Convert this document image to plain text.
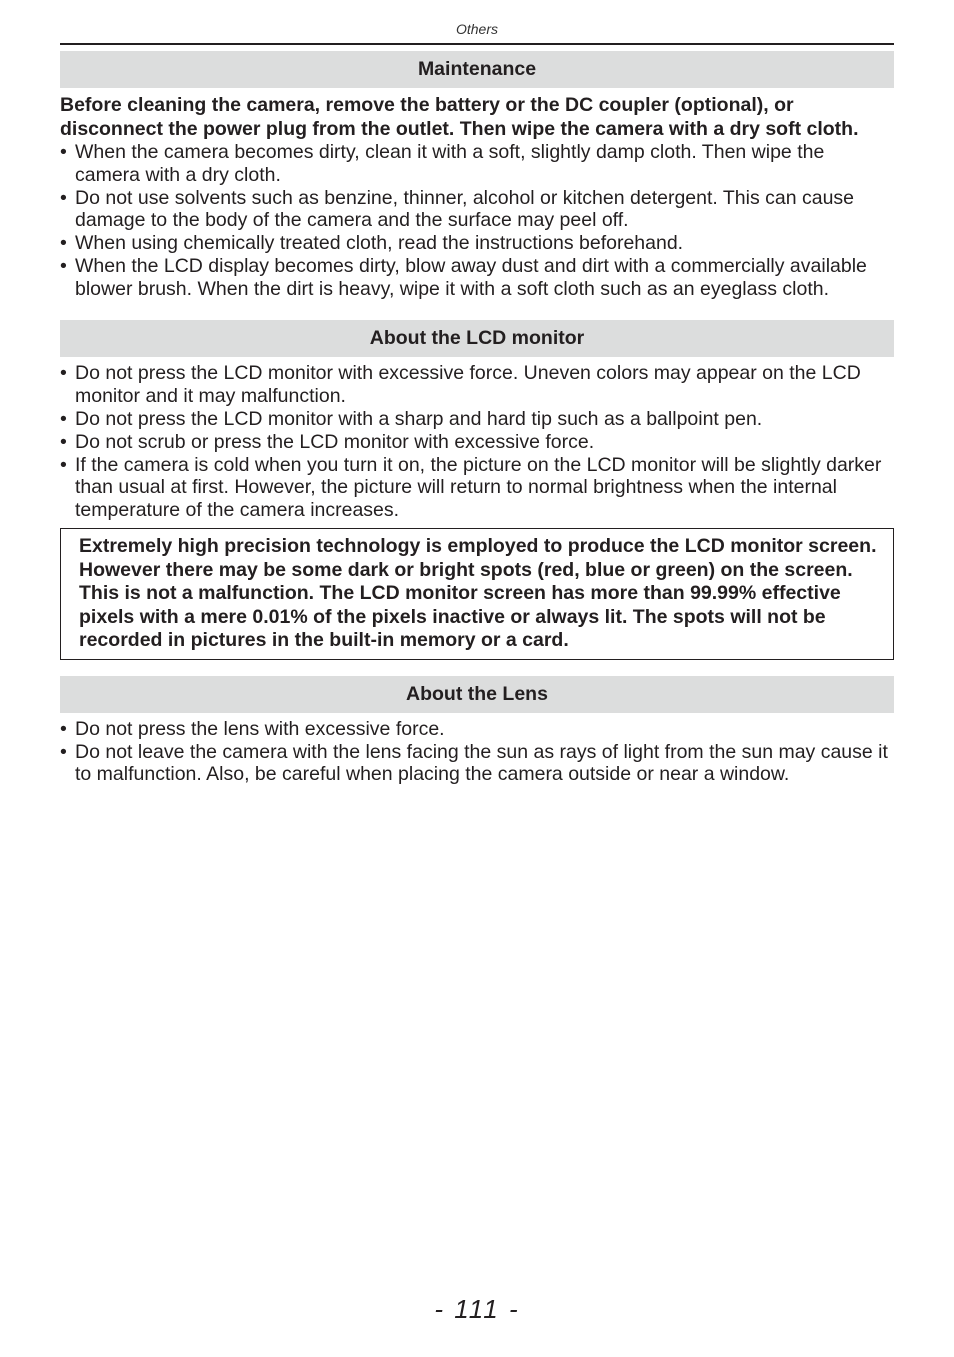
Others
Maintenance

Before cleaning the camera, remove the battery or the DC coupler (optional), or disconnect the power plug from the outlet. Then wipe the camera with a dry soft cloth.

• When the camera becomes dirty, clean it with a soft, slightly damp cloth. Then wipe the camera with a dry cloth.
• Do not use solvents such as benzine, thinner, alcohol or kitchen detergent. This can cause damage to the body of the camera and the surface may peel off.
• When using chemically treated cloth, read the instructions beforehand.
• When the LCD display becomes dirty, blow away dust and dirt with a commercially available blower brush. When the dirt is heavy, wipe it with a soft cloth such as an eyeglass cloth.
About the LCD monitor
• Do not press the LCD monitor with excessive force. Uneven colors may appear on the LCD monitor and it may malfunction.
• Do not press the LCD monitor with a sharp and hard tip such as a ballpoint pen.
• Do not scrub or press the LCD monitor with excessive force.
• If the camera is cold when you turn it on, the picture on the LCD monitor will be slightly darker than usual at first. However, the picture will return to normal brightness when the internal temperature of the camera increases.
Extremely high precision technology is employed to produce the LCD monitor screen. However there may be some dark or bright spots (red, blue or green) on the screen. This is not a malfunction. The LCD monitor screen has more than 99.99% effective pixels with a mere 0.01% of the pixels inactive or always lit. The spots will not be recorded in pictures in the built-in memory or a card.
About the Lens
• Do not press the lens with excessive force.
• Do not leave the camera with the lens facing the sun as rays of light from the sun may cause it to malfunction. Also, be careful when placing the camera outside or near a window.
- 111 -
